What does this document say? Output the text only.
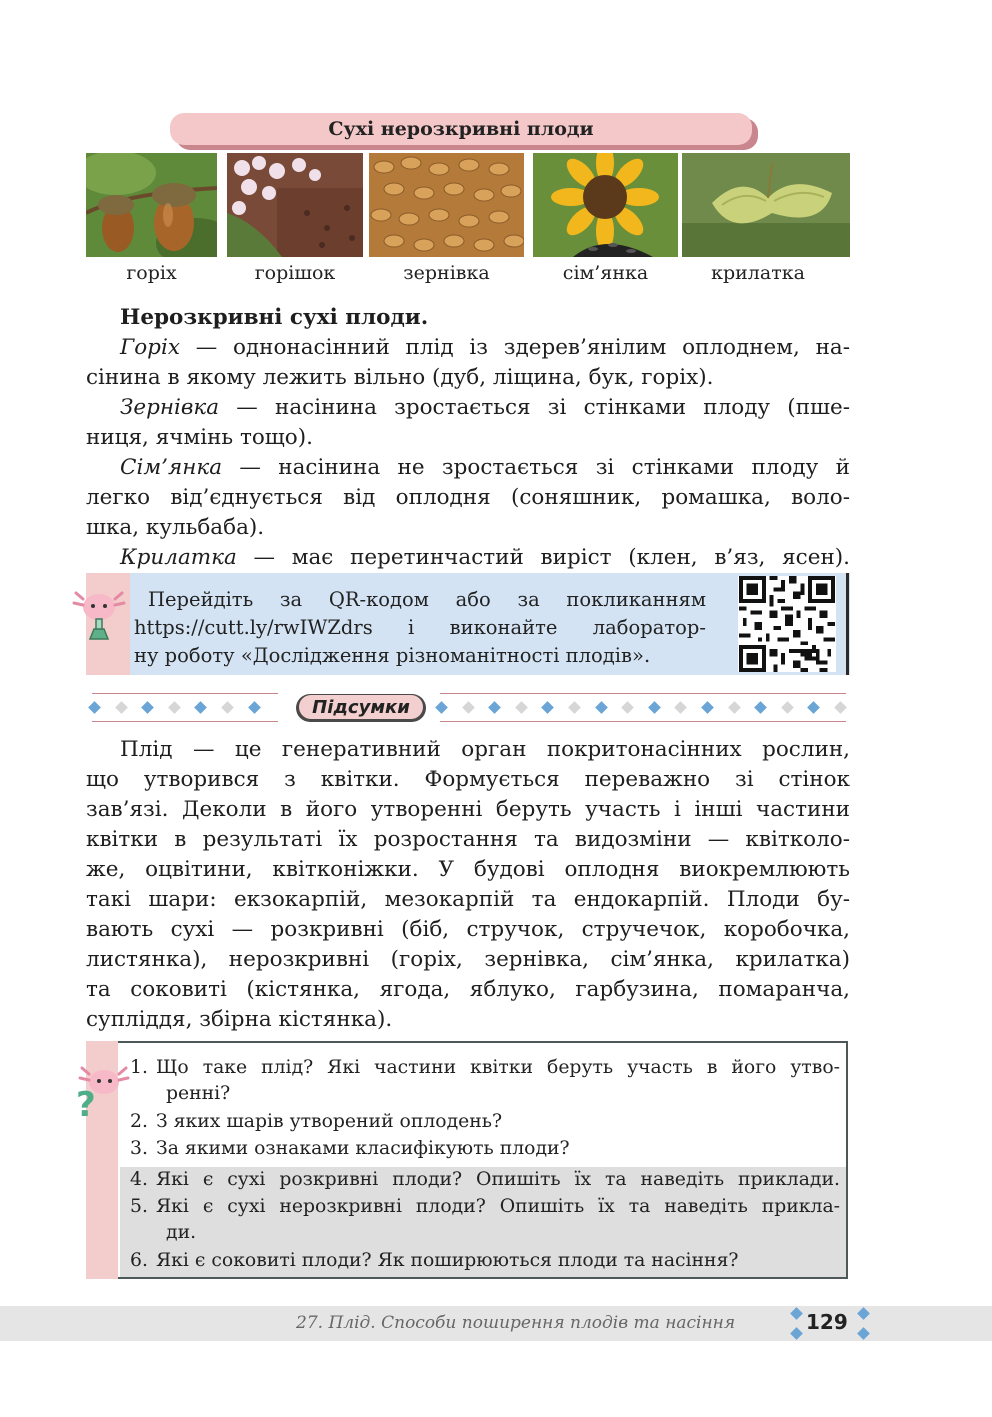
Сухі нерозкривні плоди
горіх	горішок	зернівка	сім’янка	крилатка
Нерозкривні сухі плоди.
Горіх — однонасінний плід із здерев’янілим оплоднем, на-
сінина в якому лежить вільно (дуб, ліщина, бук, горіх).
Зернівка — насінина зростається зі стінками плоду (пше-
ниця, ячмінь тощо).
Сім’янка — насінина не зростається зі стінками плоду й
легко від’єднується від оплодня (соняшник, ромашка, воло-
шка, кульбаба).
Крилатка — має перетинчастий виріст (клен, в’яз, ясен).
Перейдіть за QR-кодом або за покликанням
https://cutt.ly/rwIWZdrs і виконайте лаборатор-
ну роботу «Дослідження різноманітності плодів».
Підсумки
Плід — це генеративний орган покритонасінних рослин,
що утворився з квітки. Формується переважно зі стінок
зав’язі. Деколи в його утворенні беруть участь і інші частини
квітки в результаті їх розростання та видозміни — квітколо-
же, оцвітини, квітконіжки. У будові оплодня виокремлюють
такі шари: екзокарпій, мезокарпій та ендокарпій. Плоди бу-
вають сухі — розкривні (біб, стручок, стручечок, коробочка,
листянка), нерозкривні (горіх, зернівка, сім’янка, крилатка)
та соковиті (кістянка, ягода, яблуко, гарбузина, помаранча,
супліддя, збірна кістянка).
?
1. Що таке плід? Які частини квітки беруть участь в його утво-
ренні?
2. З яких шарів утворений оплодень?
3. За якими ознаками класифікують плоди?
4. Які є сухі розкривні плоди? Опишіть їх та наведіть приклади.
5. Які є сухі нерозкривні плоди? Опишіть їх та наведіть прикла-
ди.
6. Які є соковиті плоди? Як поширюються плоди та насіння?
27. Плід. Способи поширення плодів та насіння	129
